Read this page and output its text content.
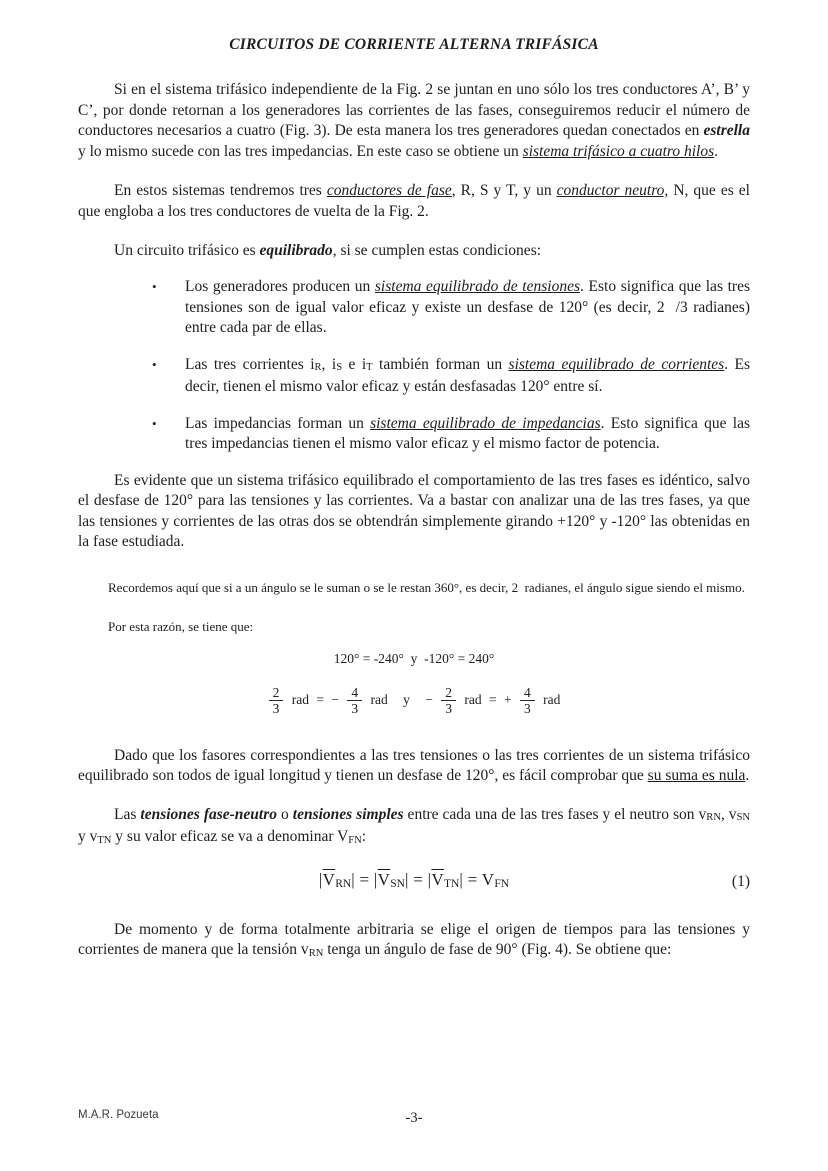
CIRCUITOS DE CORRIENTE ALTERNA TRIFÁSICA

Si en el sistema trifásico independiente de la Fig. 2 se juntan en uno sólo los tres conductores A’, B’ y C’, por donde retornan a los generadores las corrientes de las fases, conseguiremos reducir el número de conductores necesarios a cuatro (Fig. 3). De esta manera los tres generadores quedan conectados en estrella y lo mismo sucede con las tres impedancias. En este caso se obtiene un sistema trifásico a cuatro hilos.

En estos sistemas tendremos tres conductores de fase, R, S y T, y un conductor neutro, N, que es el que engloba a los tres conductores de vuelta de la Fig. 2.

Un circuito trifásico es equilibrado, si se cumplen estas condiciones:

•	Los generadores producen un sistema equilibrado de tensiones. Esto significa que las tres tensiones son de igual valor eficaz y existe un desfase de 120° (es decir, 2  /3 radianes) entre cada par de ellas.
•	Las tres corrientes iR, iS e iT también forman un sistema equilibrado de corrientes. Es decir, tienen el mismo valor eficaz y están desfasadas 120° entre sí.
•	Las impedancias forman un sistema equilibrado de impedancias. Esto significa que las tres impedancias tienen el mismo valor eficaz y el mismo factor de potencia.

Es evidente que un sistema trifásico equilibrado el comportamiento de las tres fases es idéntico, salvo el desfase de 120° para las tensiones y las corrientes. Va a bastar con analizar una de las tres fases, ya que las tensiones y corrientes de las otras dos se obtendrán simplemente girando +120° y -120° las obtenidas en la fase estudiada.

Recordemos aquí que si a un ángulo se le suman o se le restan 360°, es decir, 2  radianes, el ángulo sigue siendo el mismo.

Por esta razón, se tiene que:

120° = -240°  y  -120° = 240°
$\frac{2}{3}$ rad = − $\frac{4}{3}$ rad $y - \frac{2}{3}$ rad = + $\frac{4}{3}$ rad

Dado que los fasores correspondientes a las tres tensiones o las tres corrientes de un sistema trifásico equilibrado son todos de igual longitud y tienen un desfase de 120°, es fácil comprobar que su suma es nula.

Las tensiones fase-neutro o tensiones simples entre cada una de las tres fases y el neutro son vRN, vSN y vTN y su valor eficaz se va a denominar VFN:

$|\overline{V}RN| = |\overline{V}SN| = |\overline{V}TN|$ = VFN	(1)

De momento y de forma totalmente arbitraria se elige el origen de tiempos para las tensiones y corrientes de manera que la tensión vRN tenga un ángulo de fase de 90° (Fig. 4). Se obtiene que:

M.A.R. Pozueta	-3-
